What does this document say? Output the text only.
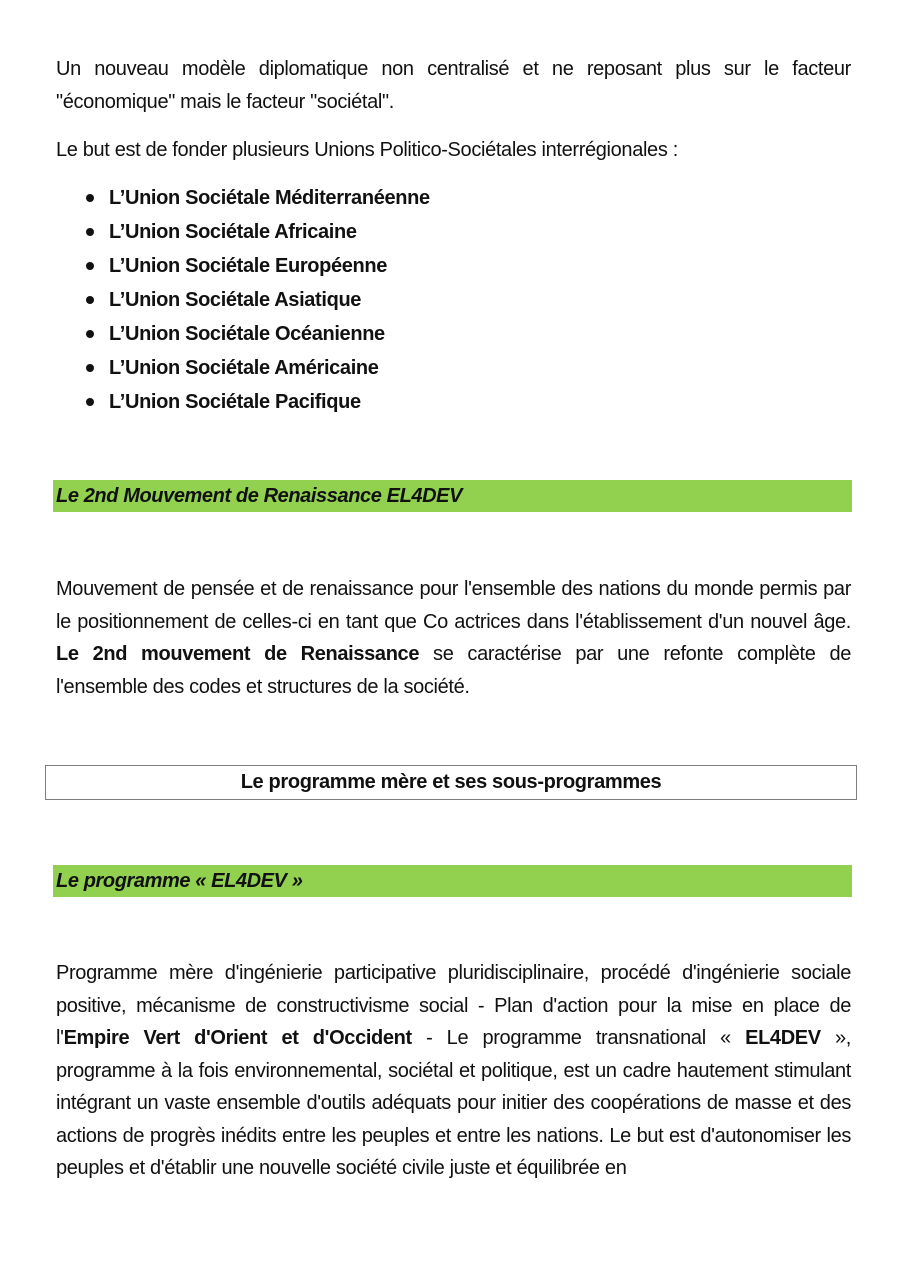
Un nouveau modèle diplomatique non centralisé et ne reposant plus sur le facteur "économique" mais le facteur "sociétal".

Le but est de fonder plusieurs Unions Politico-Sociétales interrégionales :

L’Union Sociétale Méditerranéenne
L’Union Sociétale Africaine
L’Union Sociétale Européenne
L’Union Sociétale Asiatique
L’Union Sociétale Océanienne
L’Union Sociétale Américaine
L’Union Sociétale Pacifique
Le 2nd Mouvement de Renaissance EL4DEV

Mouvement de pensée et de renaissance pour l'ensemble des nations du monde permis par le positionnement de celles-ci en tant que Co actrices dans l'établissement d'un nouvel âge. Le 2nd mouvement de Renaissance se caractérise par une refonte complète de l'ensemble des codes et structures de la société.

Le programme mère et ses sous-programmes
Le programme « EL4DEV »

Programme mère d'ingénierie participative pluridisciplinaire, procédé d'ingénierie sociale positive, mécanisme de constructivisme social - Plan d'action pour la mise en place de l'Empire Vert d'Orient et d'Occident - Le programme transnational « EL4DEV », programme à la fois environnemental, sociétal et politique, est un cadre hautement stimulant intégrant un vaste ensemble d'outils adéquats pour initier des coopérations de masse et des actions de progrès inédits entre les peuples et entre les nations. Le but est d'autonomiser les peuples et d'établir une nouvelle société civile juste et équilibrée en
